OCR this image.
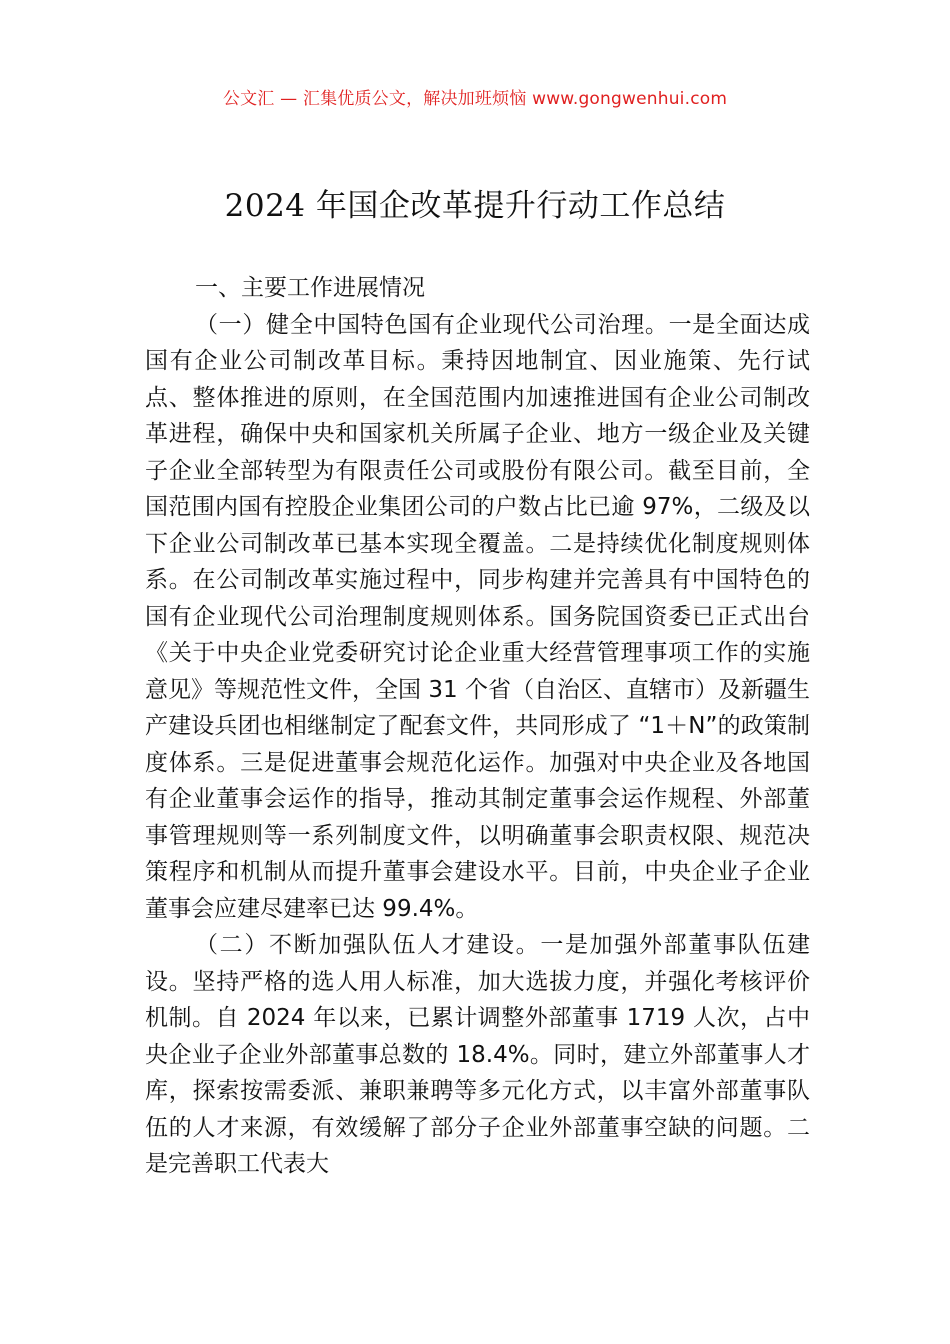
公文汇 — 汇集优质公文，解决加班烦恼 www.gongwenhui.com
2024 年国企改革提升行动工作总结

一、主要工作进展情况

（一）健全中国特色国有企业现代公司治理。一是全面达成国有企业公司制改革目标。秉持因地制宜、因业施策、先行试点、整体推进的原则，在全国范围内加速推进国有企业公司制改革进程，确保中央和国家机关所属子企业、地方一级企业及关键子企业全部转型为有限责任公司或股份有限公司。截至目前，全国范围内国有控股企业集团公司的户数占比已逾 97%，二级及以下企业公司制改革已基本实现全覆盖。二是持续优化制度规则体系。在公司制改革实施过程中，同步构建并完善具有中国特色的国有企业现代公司治理制度规则体系。国务院国资委已正式出台《关于中央企业党委研究讨论企业重大经营管理事项工作的实施意见》等规范性文件，全国 31 个省（自治区、直辖市）及新疆生产建设兵团也相继制定了配套文件，共同形成了 “1＋N”的政策制度体系。三是促进董事会规范化运作。加强对中央企业及各地国有企业董事会运作的指导，推动其制定董事会运作规程、外部董事管理规则等一系列制度文件，以明确董事会职责权限、规范决策程序和机制从而提升董事会建设水平。目前，中央企业子企业董事会应建尽建率已达 99.4%。

（二）不断加强队伍人才建设。一是加强外部董事队伍建设。坚持严格的选人用人标准，加大选拔力度，并强化考核评价机制。自 2024 年以来，已累计调整外部董事 1719 人次，占中央企业子企业外部董事总数的 18.4%。同时，建立外部董事人才库，探索按需委派、兼职兼聘等多元化方式，以丰富外部董事队伍的人才来源，有效缓解了部分子企业外部董事空缺的问题。二是完善职工代表大
